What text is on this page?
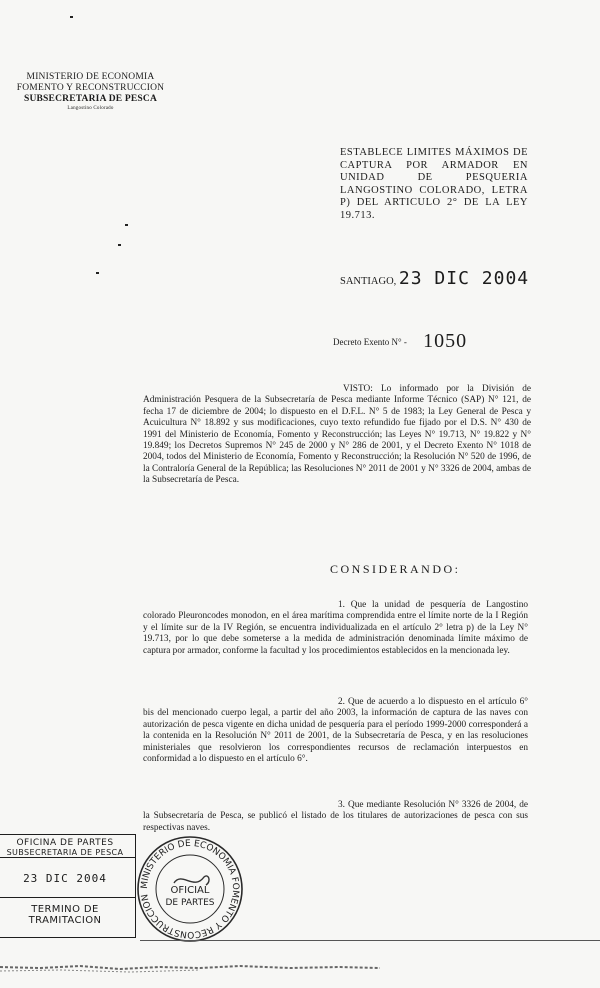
MINISTERIO DE ECONOMIA
FOMENTO Y RECONSTRUCCION
SUBSECRETARIA DE PESCA
Langostino Colorado
ESTABLECE LIMITES MÁXIMOS DE CAPTURA POR ARMADOR EN UNIDAD DE PESQUERIA LANGOSTINO COLORADO, LETRA P) DEL ARTICULO 2° DE LA LEY 19.713.
SANTIAGO, 23 DIC 2004
Decreto Exento N° - 1050
VISTO: Lo informado por la División de Administración Pesquera de la Subsecretaría de Pesca mediante Informe Técnico (SAP) N° 121, de fecha 17 de diciembre de 2004; lo dispuesto en el D.F.L. N° 5 de 1983; la Ley General de Pesca y Acuicultura N° 18.892 y sus modificaciones, cuyo texto refundido fue fijado por el D.S. N° 430 de 1991 del Ministerio de Economía, Fomento y Reconstrucción; las Leyes N° 19.713, N° 19.822 y N° 19.849; los Decretos Supremos N° 245 de 2000 y N° 286 de 2001, y el Decreto Exento N° 1018 de 2004, todos del Ministerio de Economía, Fomento y Reconstrucción; la Resolución N° 520 de 1996, de la Contraloría General de la República; las Resoluciones N° 2011 de 2001 y N° 3326 de 2004, ambas de la Subsecretaría de Pesca.
CONSIDERANDO:
1. Que la unidad de pesquería de Langostino colorado Pleuroncodes monodon, en el área marítima comprendida entre el límite norte de la I Región y el límite sur de la IV Región, se encuentra individualizada en el artículo 2° letra p) de la Ley N° 19.713, por lo que debe someterse a la medida de administración denominada límite máximo de captura por armador, conforme la facultad y los procedimientos establecidos en la mencionada ley.
2. Que de acuerdo a lo dispuesto en el artículo 6° bis del mencionado cuerpo legal, a partir del año 2003, la información de captura de las naves con autorización de pesca vigente en dicha unidad de pesquería para el período 1999-2000 corresponderá a la contenida en la Resolución N° 2011 de 2001, de la Subsecretaría de Pesca, y en las resoluciones ministeriales que resolvieron los correspondientes recursos de reclamación interpuestos en conformidad a lo dispuesto en el artículo 6°.
3. Que mediante Resolución N° 3326 de 2004, de la Subsecretaría de Pesca, se publicó el listado de los titulares de autorizaciones de pesca con sus respectivas naves.
OFICINA DE PARTES
SUBSECRETARIA DE PESCA
23 DIC 2004
TERMINO DE TRAMITACION
MINISTERIO DE ECONOMIA FOMENTO Y RECONSTRUCCION
OFICIAL
DE PARTES
